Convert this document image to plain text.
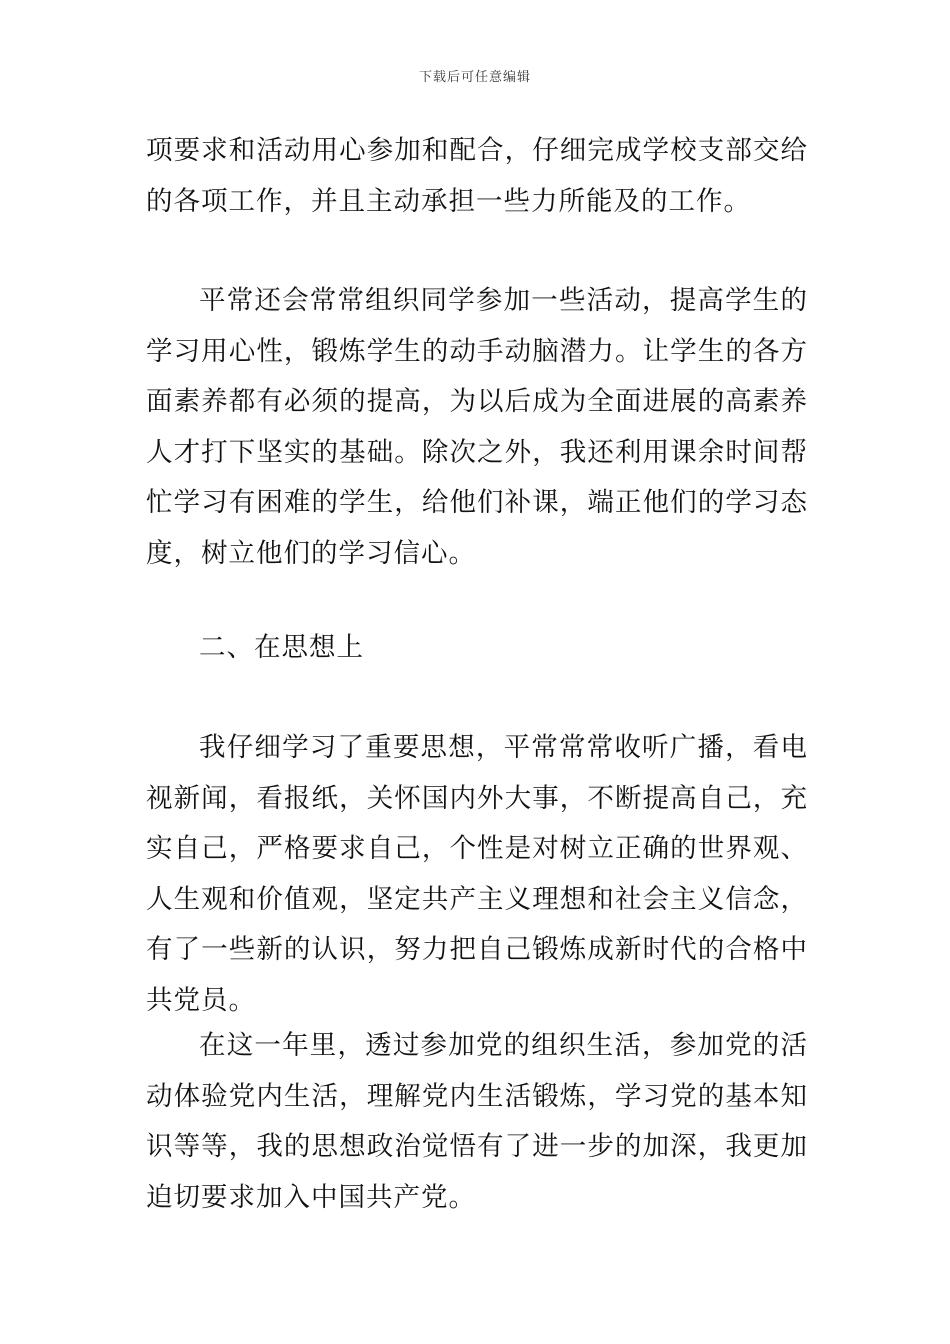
下载后可任意编辑

项要求和活动用心参加和配合，仔细完成学校支部交给的各项工作，并且主动承担一些力所能及的工作。

平常还会常常组织同学参加一些活动，提高学生的学习用心性，锻炼学生的动手动脑潜力。让学生的各方面素养都有必须的提高，为以后成为全面进展的高素养人才打下坚实的基础。除次之外，我还利用课余时间帮忙学习有困难的学生，给他们补课，端正他们的学习态度，树立他们的学习信心。

二、在思想上

我仔细学习了重要思想，平常常常收听广播，看电视新闻，看报纸，关怀国内外大事，不断提高自己，充实自己，严格要求自己，个性是对树立正确的世界观、人生观和价值观，坚定共产主义理想和社会主义信念，有了一些新的认识，努力把自己锻炼成新时代的合格中共党员。

在这一年里，透过参加党的组织生活，参加党的活动体验党内生活，理解党内生活锻炼，学习党的基本知识等等，我的思想政治觉悟有了进一步的加深，我更加迫切要求加入中国共产党。
